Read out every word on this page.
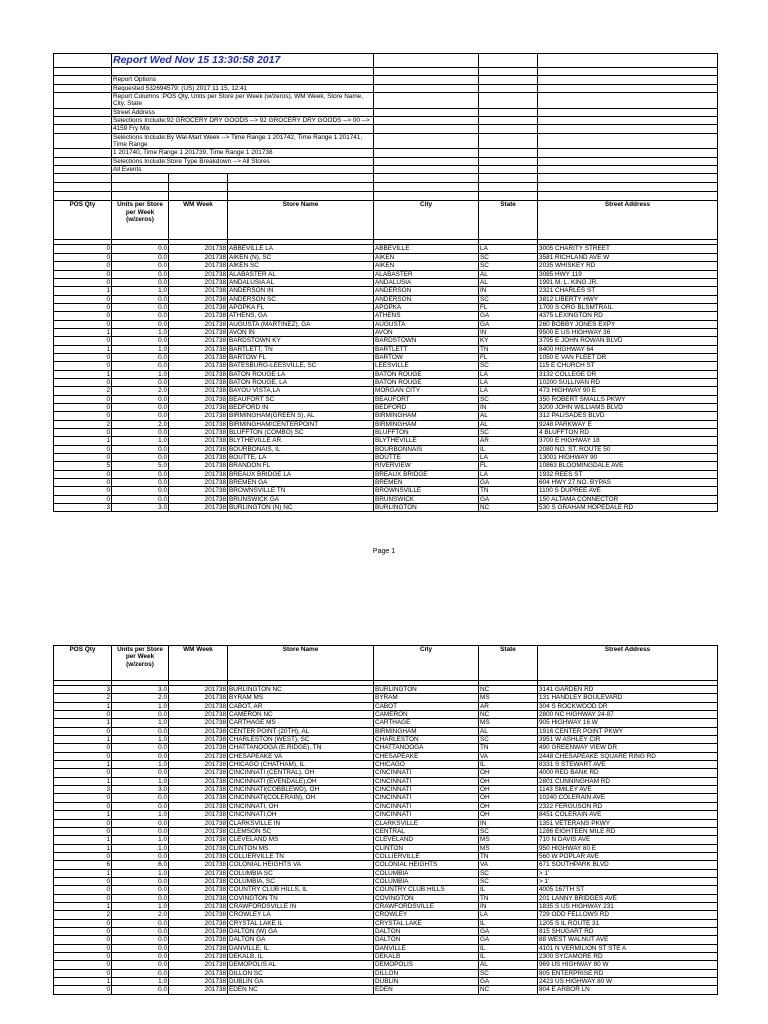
	Report Wed Nov 15 13:30:58 2017					

	Report Options					
	Requested 532694579: (US) 2017 11 15, 12:41					
	Report Columns :POS Qty, Units per Store per Week (w/zeros), WM Week, Store Name, City, State					
	Street Address					
	Selections Include:92 GROCERY DRY GOODS --> 92 GROCERY DRY GOODS --> 00 -->					
	4159 Fry Mix					
	Selections Include:By Wal-Mart Week --> Time Range 1 201742, Time Range 1 201741, Time Range					
	1 201740, Time Range 1 201739, Time Range 1 201738					
	Selections Include:Store Type Breakdown --> All Stores					
	All Events					

POS Qty	Units per Store per Week (w/zeros)	WM Week	Store Name	City	State	Street Address

0	0.0	201738	ABBEVILLE LA	ABBEVILLE	LA	3005 CHARITY STREET
0	0.0	201738	AIKEN (N), SC	AIKEN	SC	3581 RICHLAND AVE W
0	0.0	201738	AIKEN SC	AIKEN	SC	2035 WHISKEY RD
0	0.0	201738	ALABASTER AL	ALABASTER	AL	3085 HWY 119
0	0.0	201738	ANDALUSIA AL	ANDALUSIA	AL	1991 M. L. KING JR.
1	1.0	201738	ANDERSON IN	ANDERSON	IN	2321 CHARLES ST
0	0.0	201738	ANDERSON SC	ANDERSON	SC	3812 LIBERTY HWY
0	0.0	201738	APOPKA FL	APOPKA	FL	1700 S ORG BLSMTRAIL
0	0.0	201738	ATHENS, GA	ATHENS	GA	4375 LEXINGTON RD
0	0.0	201738	AUGUSTA (MARTINEZ), GA	AUGUSTA	GA	260 BOBBY JONES EXPY
1	1.0	201738	AVON IN	AVON	IN	9500 E US HIGHWAY 36
0	0.0	201738	BARDSTOWN KY	BARDSTOWN	KY	3795 E JOHN ROWAN BLVD
1	1.0	201738	BARTLETT, TN	BARTLETT	TN	8400 HIGHWAY 64
0	0.0	201738	BARTOW FL	BARTOW	FL	1050 E VAN FLEET DR
0	0.0	201738	BATESBURG-LEESVILLE, SC	LEESVILLE	SC	115 E CHURCH ST
1	1.0	201738	BATON ROUGE LA	BATON ROUGE	LA	3132 COLLEGE DR
0	0.0	201738	BATON ROUGE, LA	BATON ROUGE	LA	10200 SULLIVAN RD
2	2.0	201738	BAYOU VISTA,LA	MORGAN CITY	LA	473 HIGHWAY 90 E
0	0.0	201738	BEAUFORT SC	BEAUFORT	SC	350 ROBERT SMALLS PKWY
0	0.0	201738	BEDFORD IN	BEDFORD	IN	3200 JOHN WILLIAMS BLVD
0	0.0	201738	BIRMINGHAM(GREEN S), AL	BIRMINGHAM	AL	312 PALISADES BLVD
2	2.0	201738	BIRMINGHAM/CENTERPOINT	BIRMINGHAM	AL	9248 PARKWAY E
0	0.0	201738	BLUFFTON (COMBO) SC	BLUFFTON	SC	4 BLUFFTON RD
1	1.0	201738	BLYTHEVILLE AR	BLYTHEVILLE	AR	3700 E HIGHWAY 18
0	0.0	201738	BOURBONAIS, IL	BOURBONNAIS	IL	2080 NO. ST. ROUTE 50
0	0.0	201738	BOUTTE, LA	BOUTTE	LA	13001 HIGHWAY 90
5	5.0	201738	BRANDON FL	RIVERVIEW	FL	10863 BLOOMINGDALE AVE
0	0.0	201738	BREAUX BRIDGE LA	BREAUX BRIDGE	LA	1932 REES ST
0	0.0	201738	BREMEN GA	BREMEN	GA	604 HWY 27 NO. BYPAS
0	0.0	201738	BROWNSVILLE TN	BROWNSVILLE	TN	1100 S DUPREE AVE
0	0.0	201738	BRUNSWICK GA	BRUNSWICK	GA	150 ALTAMA CONNECTOR
3	3.0	201738	BURLINGTON (N) NC	BURLINGTON	NC	530 S GRAHAM HOPEDALE RD
Page 1
POS Qty	Units per Store per Week (w/zeros)	WM Week	Store Name	City	State	Street Address

3	3.0	201738	BURLINGTON NC	BURLINGTON	NC	3141 GARDEN RD
2	2.0	201738	BYRAM MS	BYRAM	MS	131 HANDLEY BOULEVARD
1	1.0	201738	CABOT, AR	CABOT	AR	304 S ROCKWOOD DR
0	0.0	201738	CAMERON NC	CAMERON	NC	2800 NC HIGHWAY 24-87
1	1.0	201738	CARTHAGE MS	CARTHAGE	MS	905 HIGHWAY 16 W
0	0.0	201738	CENTER POINT (20TH), AL	BIRMINGHAM	AL	1916 CENTER POINT PKWY
1	1.0	201738	CHARLESTON (WEST), SC	CHARLESTON	SC	3951 W ASHLEY CIR
0	0.0	201738	CHATTANOOGA (E.RIDGE), TN	CHATTANOOGA	TN	490 GREENWAY VIEW DR
0	0.0	201738	CHESAPEAKE VA	CHESAPEAKE	VA	2448 CHESAPEAKE SQUARE RING RD
1	1.0	201738	CHICAGO (CHATHAM), IL	CHICAGO	IL	8331 S STEWART AVE
0	0.0	201738	CINCINNATI (CENTRAL), OH	CINCINNATI	OH	4000 RED BANK RD
1	1.0	201738	CINCINNATI (EVENDALE),OH	CINCINNATI	OH	2801 CUNNINGHAM RD
3	3.0	201738	CINCINNATI(COBBLEWD), OH	CINCINNATI	OH	1143 SMILEY AVE
0	0.0	201738	CINCINNATI(COLERAIN), OH	CINCINNATI	OH	10240 COLERAIN AVE
0	0.0	201738	CINCINNATI, OH	CINCINNATI	OH	2322 FERGUSON RD
1	1.0	201738	CINCINNATI,OH	CINCINNATI	OH	8451 COLERAIN AVE
0	0.0	201738	CLARKSVILLE IN	CLARKSVILLE	IN	1351 VETERANS PKWY
0	0.0	201738	CLEMSON SC	CENTRAL	SC	1286 EIGHTEEN MILE RD
1	1.0	201738	CLEVELAND MS	CLEVELAND	MS	710 N DAVIS AVE
1	1.0	201738	CLINTON MS	CLINTON	MS	950 HIGHWAY 80 E
0	0.0	201738	COLLIERVILLE TN	COLLIERVILLE	TN	560 W POPLAR AVE
6	6.0	201738	COLONIAL HEIGHTS VA	COLONIAL HEIGHTS	VA	671 SOUTHPARK BLVD
1	1.0	201738	COLUMBIA SC	COLUMBIA	SC	> 1'
0	0.0	201738	COLUMBIA, SC	COLUMBIA	SC	> 1'
0	0.0	201738	COUNTRY CLUB HILLS, IL	COUNTRY CLUB HILLS	IL	4005 167TH ST
0	0.0	201738	COVINGTON TN	COVINGTON	TN	201 LANNY BRIDGES AVE
1	1.0	201738	CRAWFORDSVILLE IN	CRAWFORDSVILLE	IN	1835 S US HIGHWAY 231
2	2.0	201738	CROWLEY LA	CROWLEY	LA	729 ODD FELLOWS RD
0	0.0	201738	CRYSTAL LAKE IL	CRYSTAL LAKE	IL	1205 S IL ROUTE 31
0	0.0	201738	DALTON (W) GA	DALTON	GA	815 SHUGART RD
0	0.0	201738	DALTON GA	DALTON	GA	88 WEST WALNUT AVE
0	0.0	201738	DANVILLE, IL	DANVILLE	IL	4101 N VERMILION ST STE A
0	0.0	201738	DEKALB, IL	DEKALB	IL	2300 SYCAMORE RD
0	0.0	201738	DEMOPOLIS AL	DEMOPOLIS	AL	969 US HIGHWAY 80 W
0	0.0	201738	DILLON SC	DILLON	SC	805 ENTERPRISE RD
1	1.0	201738	DUBLIN GA	DUBLIN	GA	2423 US HIGHWAY 80 W
0	0.0	201738	EDEN NC	EDEN	NC	804 E ARBOR LN
